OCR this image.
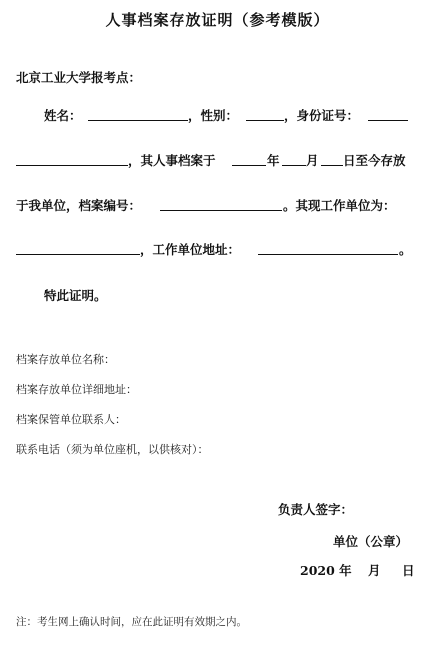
人事档案存放证明（参考模版）
北京工业大学报考点：
姓名：	，性别：	，身份证号：
，其人事档案于	年 月 日至今存放
于我单位，档案编号：	。其现工作单位为：
，工作单位地址：	。
特此证明。
档案存放单位名称：
档案存放单位详细地址：
档案保管单位联系人：
联系电话（须为单位座机，以供核对）：
负责人签字：
单位（公章）
2020 年 月 日
注：考生网上确认时间，应在此证明有效期之内。
